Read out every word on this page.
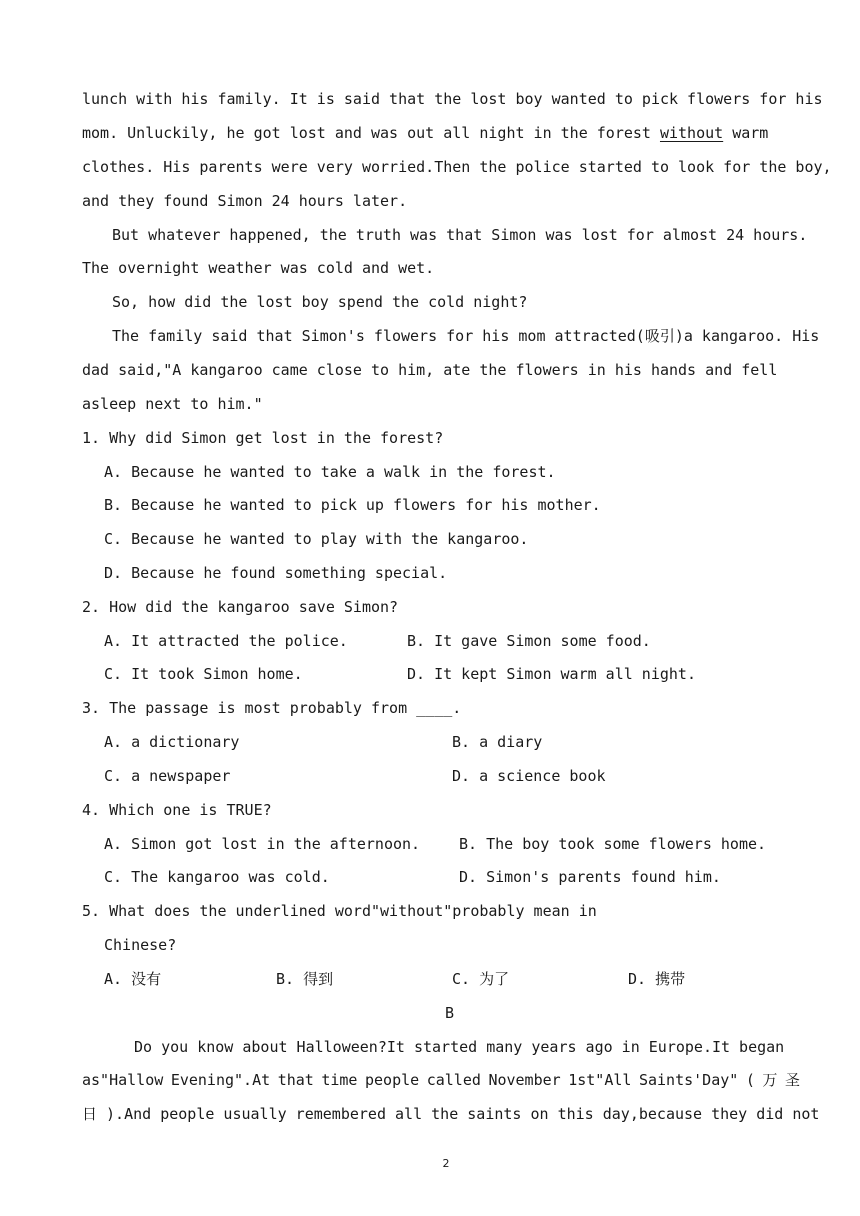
lunch with his family. It is said that the lost boy wanted to pick flowers for his
mom. Unluckily, he got lost and was out all night in the forest without warm
clothes. His parents were very worried.Then the police started to look for the boy,
and they found Simon 24 hours later.
But whatever happened, the truth was that Simon was lost for almost 24 hours.
The overnight weather was cold and wet.
So, how did the lost boy spend the cold night?
The family said that Simon's flowers for his mom attracted(吸引)a kangaroo. His
dad said,"A kangaroo came close to him, ate the flowers in his hands and fell
asleep next to him."
1. Why did Simon get lost in the forest?
A. Because he wanted to take a walk in the forest.
B. Because he wanted to pick up flowers for his mother.
C. Because he wanted to play with the kangaroo.
D. Because he found something special.
2. How did the kangaroo save Simon?
A. It attracted the police.	B. It gave Simon some food.
C. It took Simon home.	D. It kept Simon warm all night.
3. The passage is most probably from ____.
A. a dictionary	B. a diary
C. a newspaper	D. a science book
4. Which one is TRUE?
A. Simon got lost in the afternoon.	B. The boy took some flowers home.
C. The kangaroo was cold.	D. Simon's parents found him.
5. What does the underlined word"without"probably mean in
Chinese?
A. 没有	B. 得到	C. 为了	D. 携带
B
Do you know about Halloween?It started many years ago in Europe.It began
as"Hallow Evening".At that time people called November 1st"All Saints'Day" ( 万 圣
日 ).And people usually remembered all the saints on this day,because they did not
2
